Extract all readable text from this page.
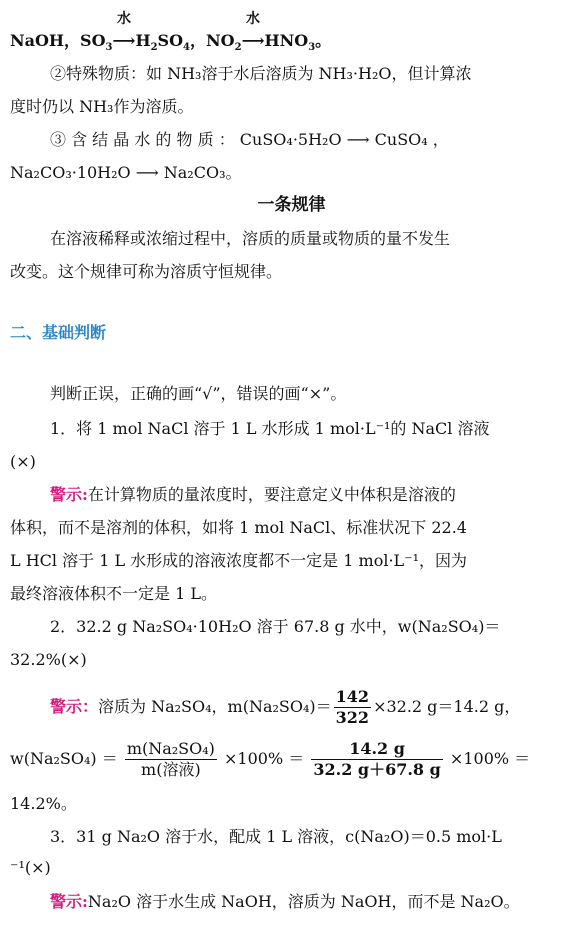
NaOH，$SO_3$
水
$⟶H_2SO_4$，$NO_2$
水
$⟶HNO_3$。
②特殊物质：如 NH₃溶于水后溶质为 NH₃·H₂O，但计算浓
度时仍以 NH₃作为溶质。
③ 含 结 晶 水 的 物 质 ： CuSO₄·5H₂O ⟶ CuSO₄ ，
Na₂CO₃·10H₂O ⟶ Na₂CO₃。
一条规律
在溶液稀释或浓缩过程中，溶质的质量或物质的量不发生
改变。这个规律可称为溶质守恒规律。
二、基础判断
判断正误，正确的画“√”，错误的画“×”。
1．将 1 mol NaCl 溶于 1 L 水形成 1 mol·L⁻¹的 NaCl 溶液
(×)
警示:在计算物质的量浓度时，要注意定义中体积是溶液的
体积，而不是溶剂的体积，如将 1 mol NaCl、标准状况下 22.4
L HCl 溶于 1 L 水形成的溶液浓度都不一定是 1 mol·L⁻¹，因为
最终溶液体积不一定是 1 L。
2．32.2 g Na₂SO₄·10H₂O 溶于 67.8 g 水中，w(Na₂SO₄)＝
32.2%(×)
警示：溶质为 Na₂SO₄，$m(Na_2SO_4)= \frac{142}{322} \times 32.2$ g＝14.2 g，
$w(Na_2SO_4) = \frac{\text{m(Na₂SO₄)}}{\text{m(溶液)}} \times 100\% = \frac{14.2 g}{32.2 g+67.8 g} \times 100\%$ ＝
14.2%。
3．31 g Na₂O 溶于水，配成 1 L 溶液，c(Na₂O)＝0.5 mol·L
⁻¹(×)
警示:Na₂O 溶于水生成 NaOH，溶质为 NaOH，而不是 Na₂O。
